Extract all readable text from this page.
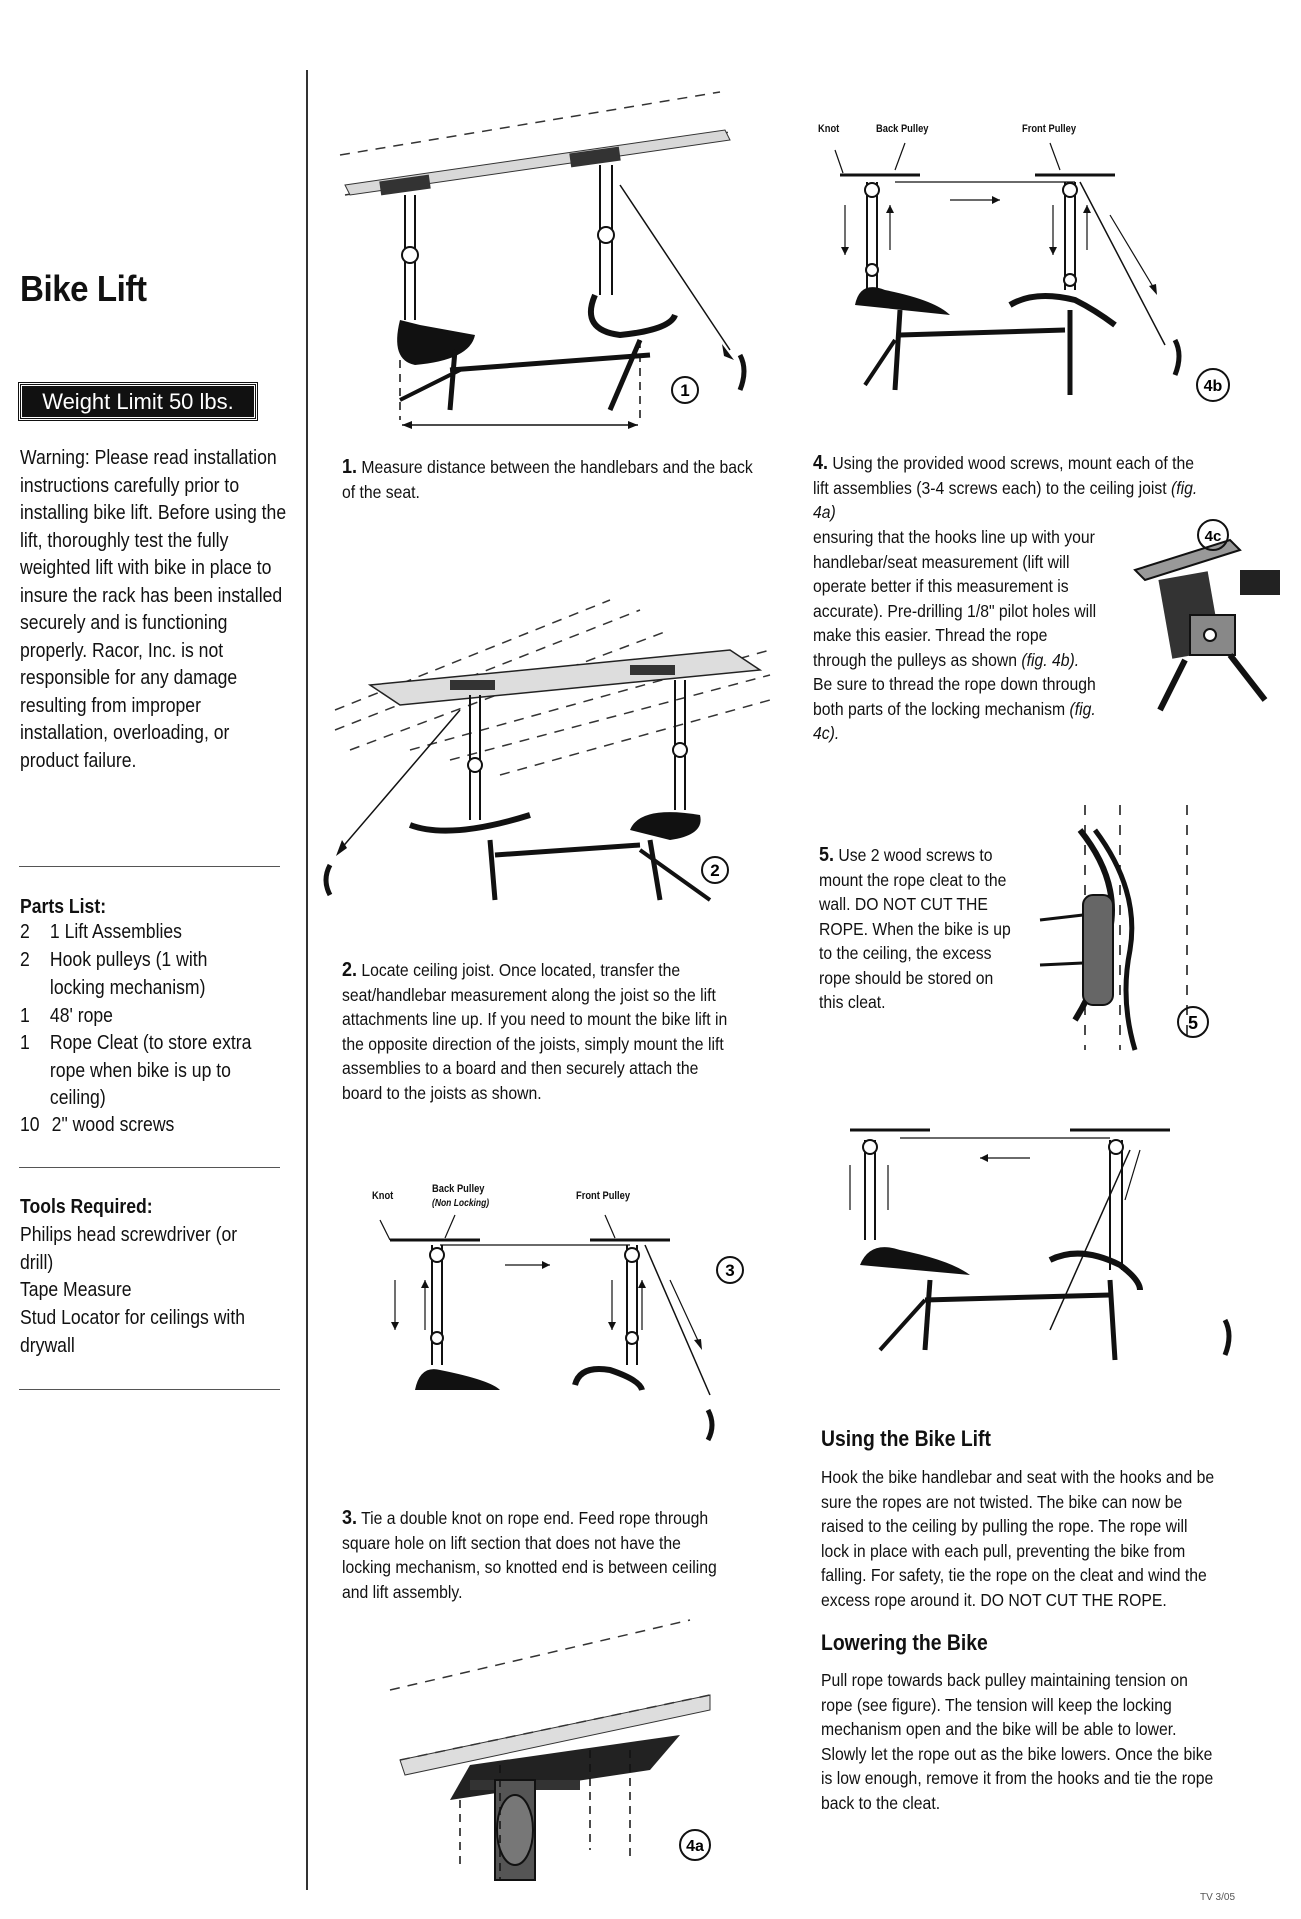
Bike Lift
Weight Limit 50 lbs.
Warning: Please read installation instructions carefully prior to installing bike lift. Before using the lift, thoroughly test the fully weighted lift with bike in place to insure the rack has been installed securely and is functioning properly. Racor, Inc. is not responsible for any damage resulting from improper installation, overloading, or product failure.
Parts List:
2	1 Lift Assemblies
2	Hook pulleys (1 with locking mechanism)
1	48' rope
1	Rope Cleat (to store extra rope when bike is up to ceiling)
10 2" wood screws
Tools Required:
Philips head screwdriver (or drill)
Tape Measure
Stud Locator for ceilings with drywall
1
1. Measure distance between the handlebars and the back of the seat.
2
2. Locate ceiling joist. Once located, transfer the seat/handlebar measurement along the joist so the lift attachments line up. If you need to mount the bike lift in the opposite direction of the joists, simply mount the lift assemblies to a board and then securely attach the board to the joists as shown.
Knot
Back Pulley
(Non Locking)
Front Pulley
3
3. Tie a double knot on rope end. Feed rope through square hole on lift section that does not have the locking mechanism, so knotted end is between ceiling and lift assembly.
4a
Knot	Back Pulley	Front Pulley
4b
4. Using the provided wood screws, mount each of the lift assemblies (3-4 screws each) to the ceiling joist (fig. 4a)
ensuring that the hooks line up with your handlebar/seat measurement (lift will operate better if this measurement is accurate). Pre-drilling 1/8" pilot holes will make this easier. Thread the rope through the pulleys as shown (fig. 4b). Be sure to thread the rope down through both parts of the locking mechanism (fig. 4c).
4c
5. Use 2 wood screws to mount the rope cleat to the wall. DO NOT CUT THE ROPE. When the bike is up to the ceiling, the excess rope should be stored on this cleat.
5
Using the Bike Lift
Hook the bike handlebar and seat with the hooks and be sure the ropes are not twisted. The bike can now be raised to the ceiling by pulling the rope. The rope will lock in place with each pull, preventing the bike from falling. For safety, tie the rope on the cleat and wind the excess rope around it. DO NOT CUT THE ROPE.
Lowering the Bike
Pull rope towards back pulley maintaining tension on rope (see figure). The tension will keep the locking mechanism open and the bike will be able to lower. Slowly let the rope out as the bike lowers. Once the bike is low enough, remove it from the hooks and tie the rope back to the cleat.
TV 3/05
